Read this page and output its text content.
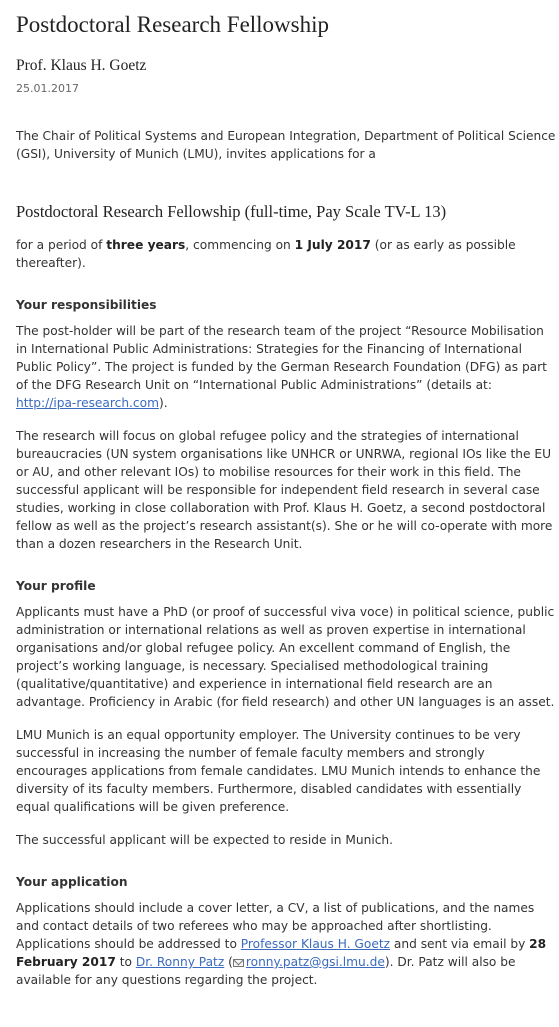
Postdoctoral Research Fellowship

Prof. Klaus H. Goetz

25.01.2017

The Chair of Political Systems and European Integration, Department of Political Science (GSI), University of Munich (LMU), invites applications for a

Postdoctoral Research Fellowship (full-time, Pay Scale TV-L 13)

for a period of three years, commencing on 1 July 2017 (or as early as possible thereafter).

Your responsibilities

The post-holder will be part of the research team of the project “Resource Mobilisation in International Public Administrations: Strategies for the Financing of International Public Policy”. The project is funded by the German Research Foundation (DFG) as part of the DFG Research Unit on “International Public Administrations” (details at: http://ipa-research.com).

The research will focus on global refugee policy and the strategies of international bureaucracies (UN system organisations like UNHCR or UNRWA, regional IOs like the EU or AU, and other relevant IOs) to mobilise resources for their work in this field. The successful applicant will be responsible for independent field research in several case studies, working in close collaboration with Prof. Klaus H. Goetz, a second postdoctoral fellow as well as the project’s research assistant(s). She or he will co-operate with more than a dozen researchers in the Research Unit.

Your profile

Applicants must have a PhD (or proof of successful viva voce) in political science, public administration or international relations as well as proven expertise in international organisations and/or global refugee policy. An excellent command of English, the project’s working language, is necessary. Specialised methodological training (qualitative/quantitative) and experience in international field research are an advantage. Proficiency in Arabic (for field research) and other UN languages is an asset.

LMU Munich is an equal opportunity employer. The University continues to be very successful in increasing the number of female faculty members and strongly encourages applications from female candidates. LMU Munich intends to enhance the diversity of its faculty members. Furthermore, disabled candidates with essentially equal qualifications will be given preference.

The successful applicant will be expected to reside in Munich.

Your application

Applications should include a cover letter, a CV, a list of publications, and the names and contact details of two referees who may be approached after shortlisting. Applications should be addressed to Professor Klaus H. Goetz and sent via email by 28 February 2017 to Dr. Ronny Patz ( ronny.patz@gsi.lmu.de). Dr. Patz will also be available for any questions regarding the project.
